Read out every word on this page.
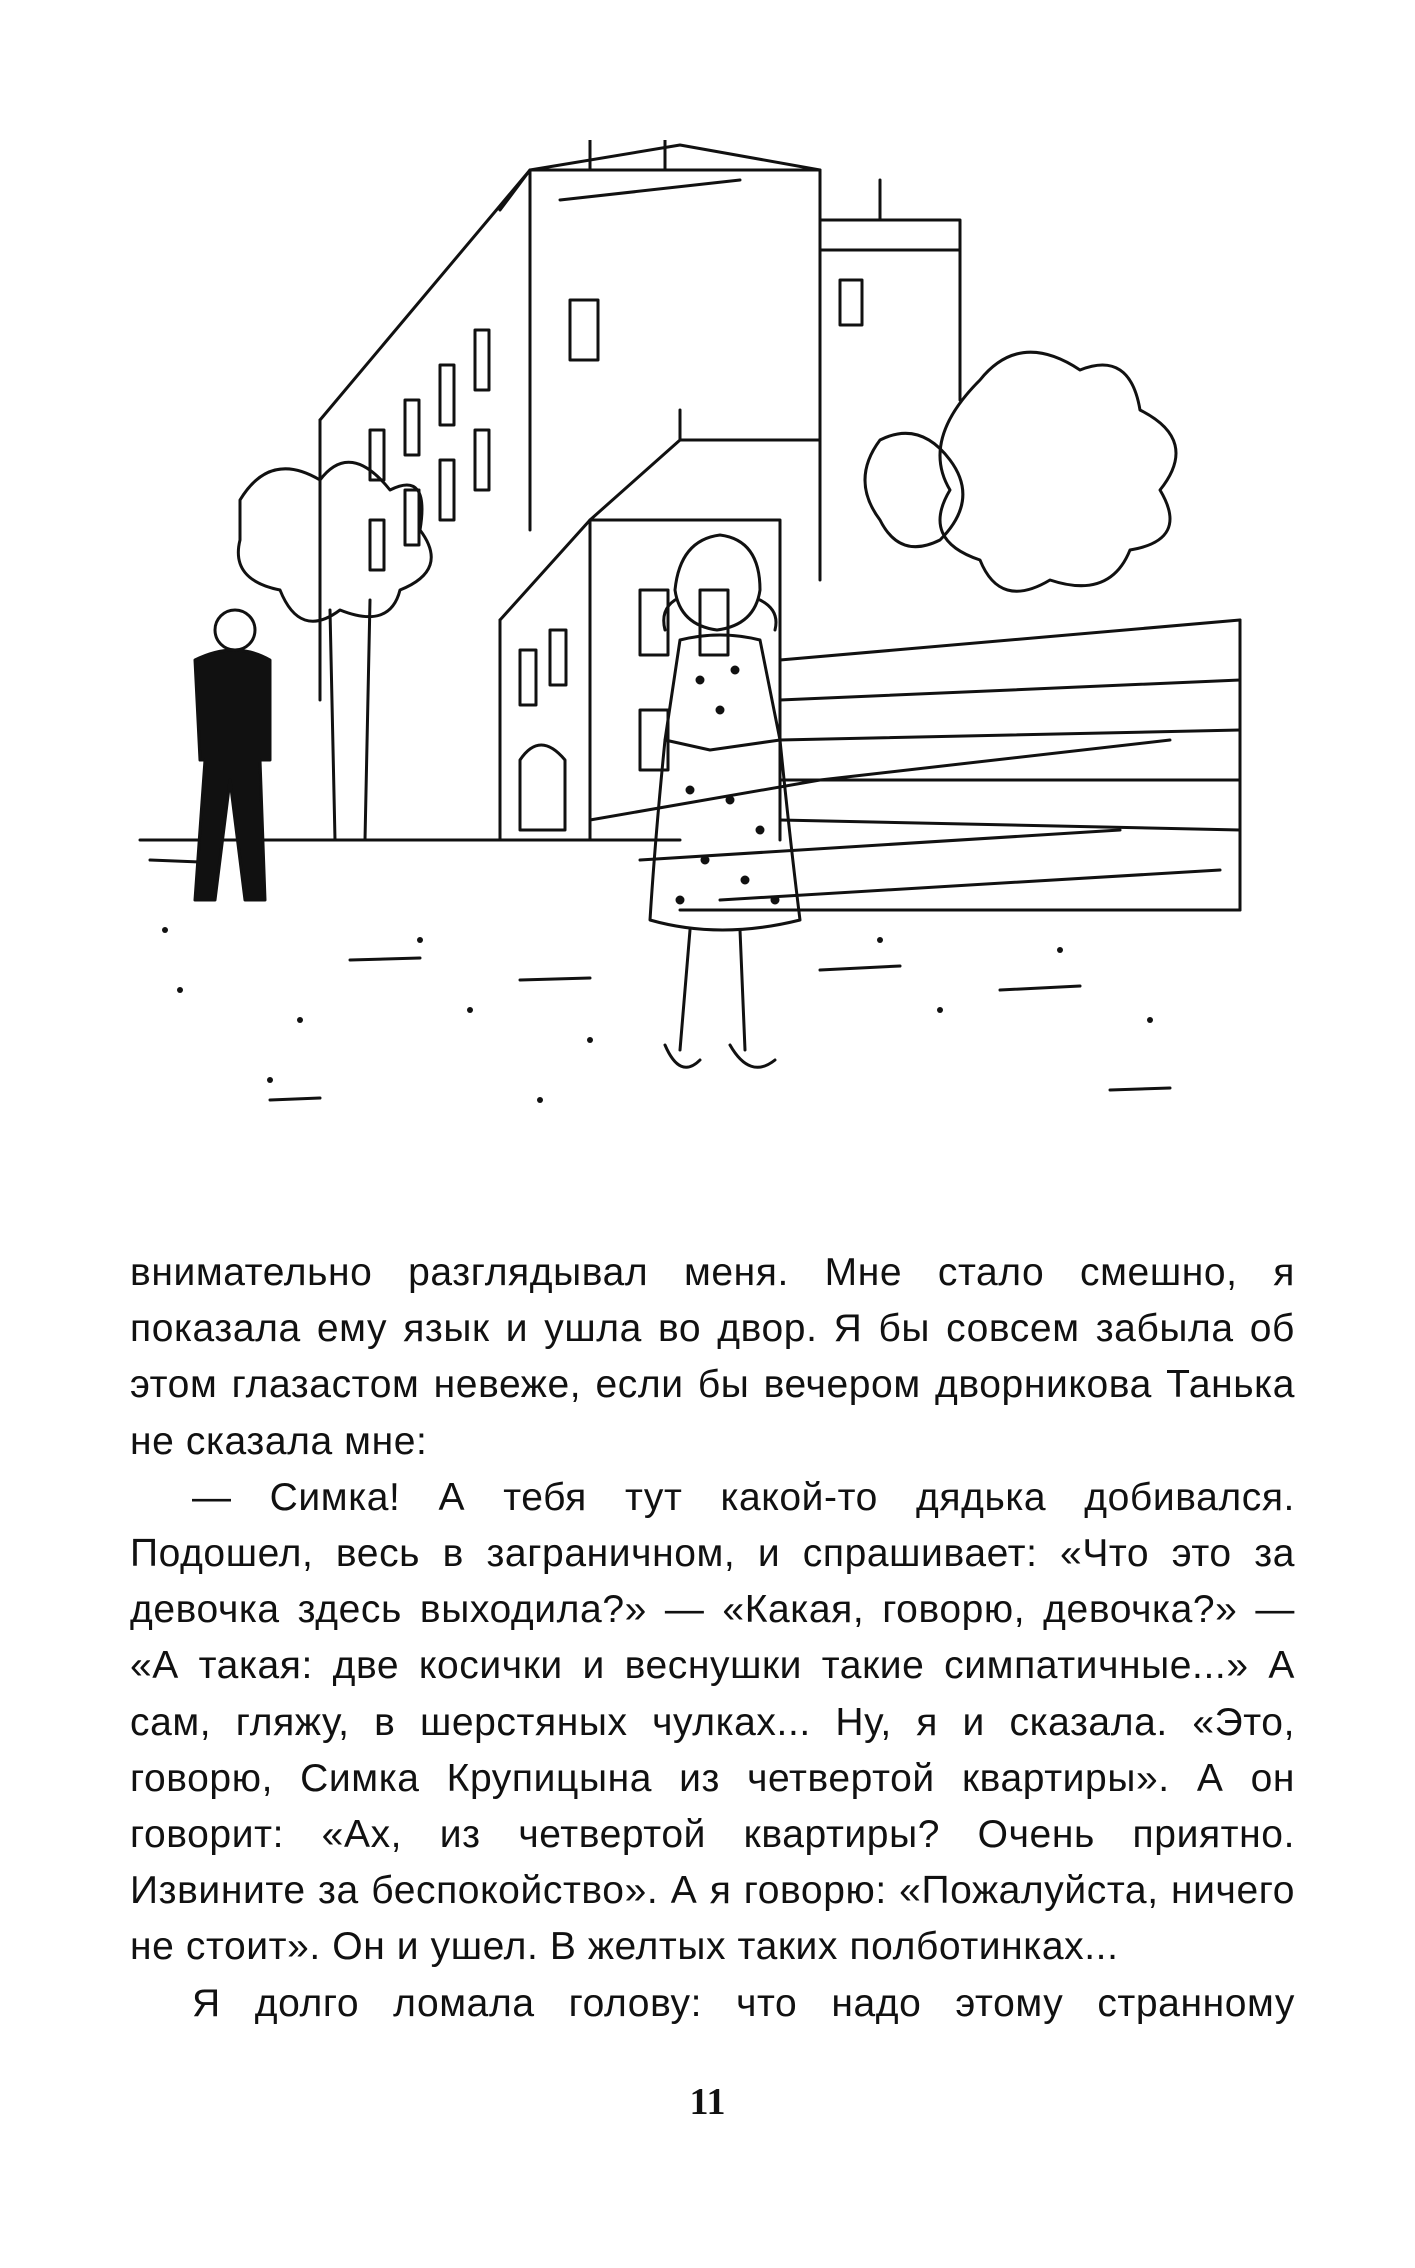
внимательно разглядывал меня. Мне стало смешно, я показала ему язык и ушла во двор. Я бы совсем забыла об этом глазастом невеже, если бы вечером дворникова Танька не сказала мне:

— Симка! А тебя тут какой-то дядька добивался. Подошел, весь в заграничном, и спрашивает: «Что это за девочка здесь выходила?» — «Какая, говорю, девочка?» — «А такая: две косички и веснушки такие симпатичные...» А сам, гляжу, в шерстяных чулках... Ну, я и сказала. «Это, говорю, Симка Крупицына из четвертой квартиры». А он говорит: «Ах, из четвертой квартиры? Очень приятно. Извините за беспокойство». А я говорю: «Пожалуйста, ничего не стоит». Он и ушел. В желтых таких полботинках...

Я долго ломала голову: что надо этому странному

11
